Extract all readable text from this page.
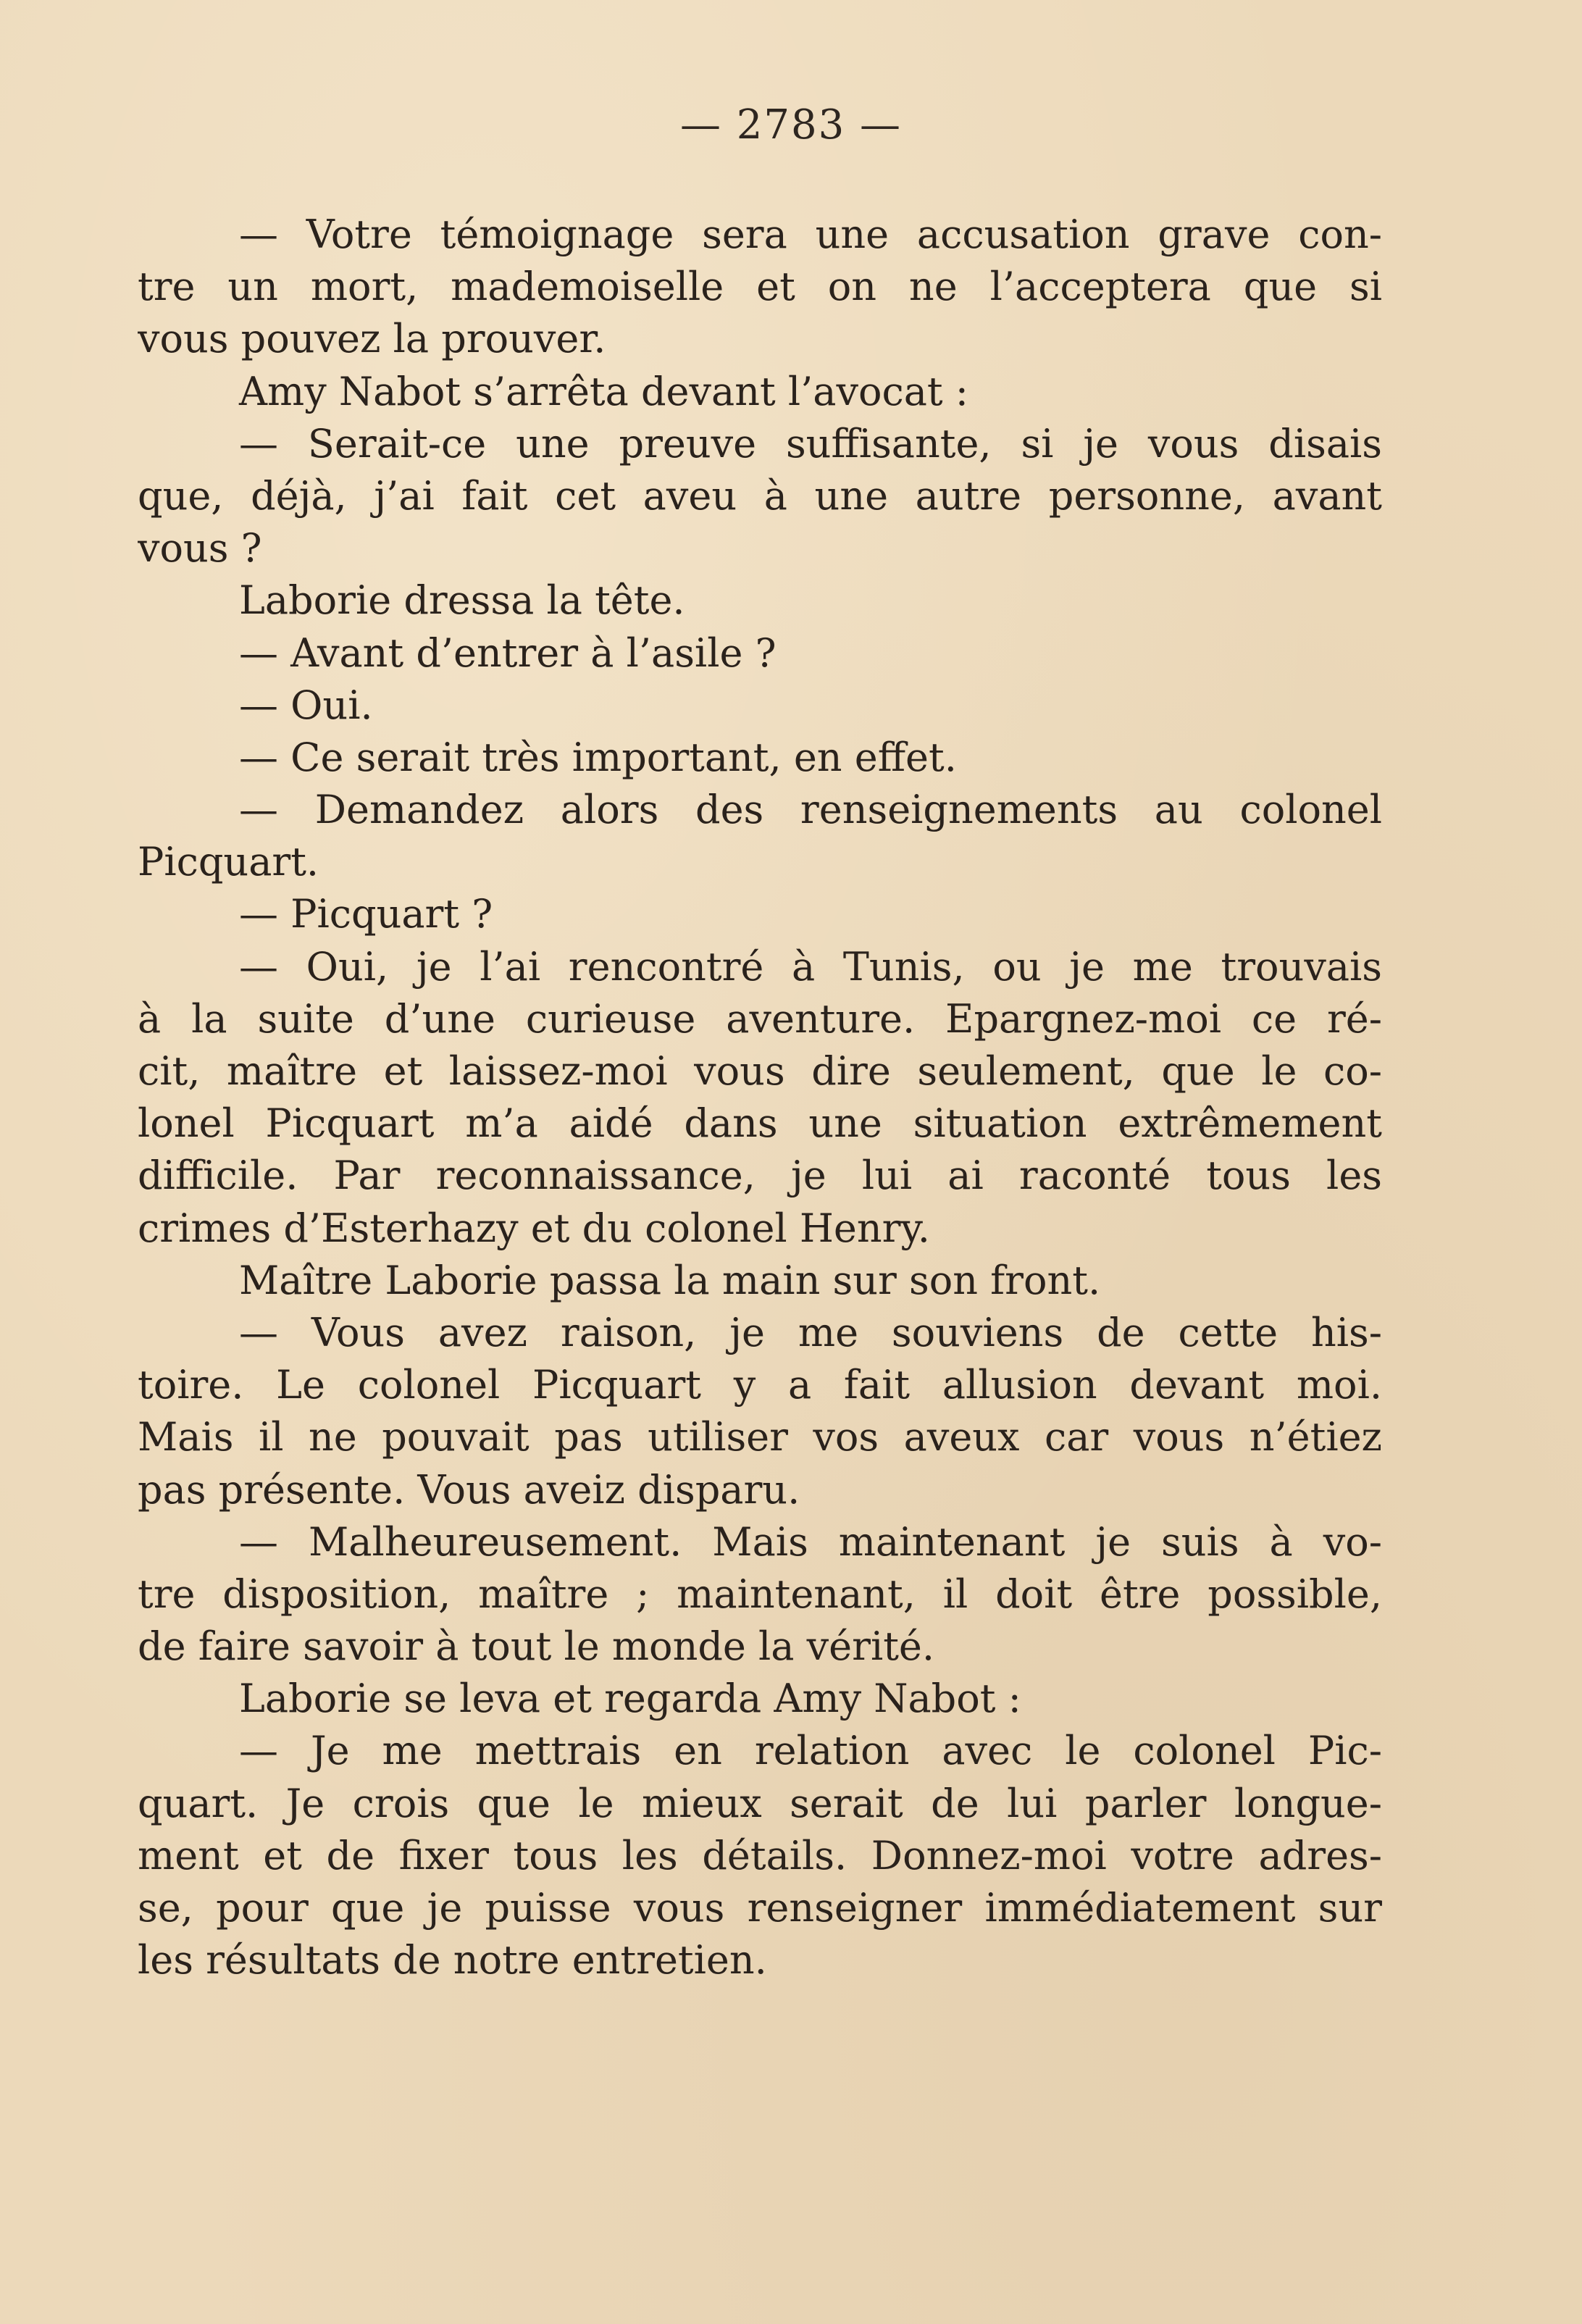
— 2783 —
— Votre témoignage sera une accusation grave con-
tre un mort, mademoiselle et on ne l’acceptera que si
vous pouvez la prouver.
Amy Nabot s’arrêta devant l’avocat :
— Serait-ce une preuve suffisante, si je vous disais
que, déjà, j’ai fait cet aveu à une autre personne, avant
vous ?
Laborie dressa la tête.
— Avant d’entrer à l’asile ?
— Oui.
— Ce serait très important, en effet.
— Demandez alors des renseignements au colonel
Picquart.
— Picquart ?
— Oui, je l’ai rencontré à Tunis, ou je me trouvais
à la suite d’une curieuse aventure. Epargnez-moi ce ré-
cit, maître et laissez-moi vous dire seulement, que le co-
lonel Picquart m’a aidé dans une situation extrêmement
difficile. Par reconnaissance, je lui ai raconté tous les
crimes d’Esterhazy et du colonel Henry.
Maître Laborie passa la main sur son front.
— Vous avez raison, je me souviens de cette his-
toire. Le colonel Picquart y a fait allusion devant moi.
Mais il ne pouvait pas utiliser vos aveux car vous n’étiez
pas présente. Vous aveiz disparu.
— Malheureusement. Mais maintenant je suis à vo-
tre disposition, maître ; maintenant, il doit être possible,
de faire savoir à tout le monde la vérité.
Laborie se leva et regarda Amy Nabot :
— Je me mettrais en relation avec le colonel Pic-
quart. Je crois que le mieux serait de lui parler longue-
ment et de fixer tous les détails. Donnez-moi votre adres-
se, pour que je puisse vous renseigner immédiatement sur
les résultats de notre entretien.
